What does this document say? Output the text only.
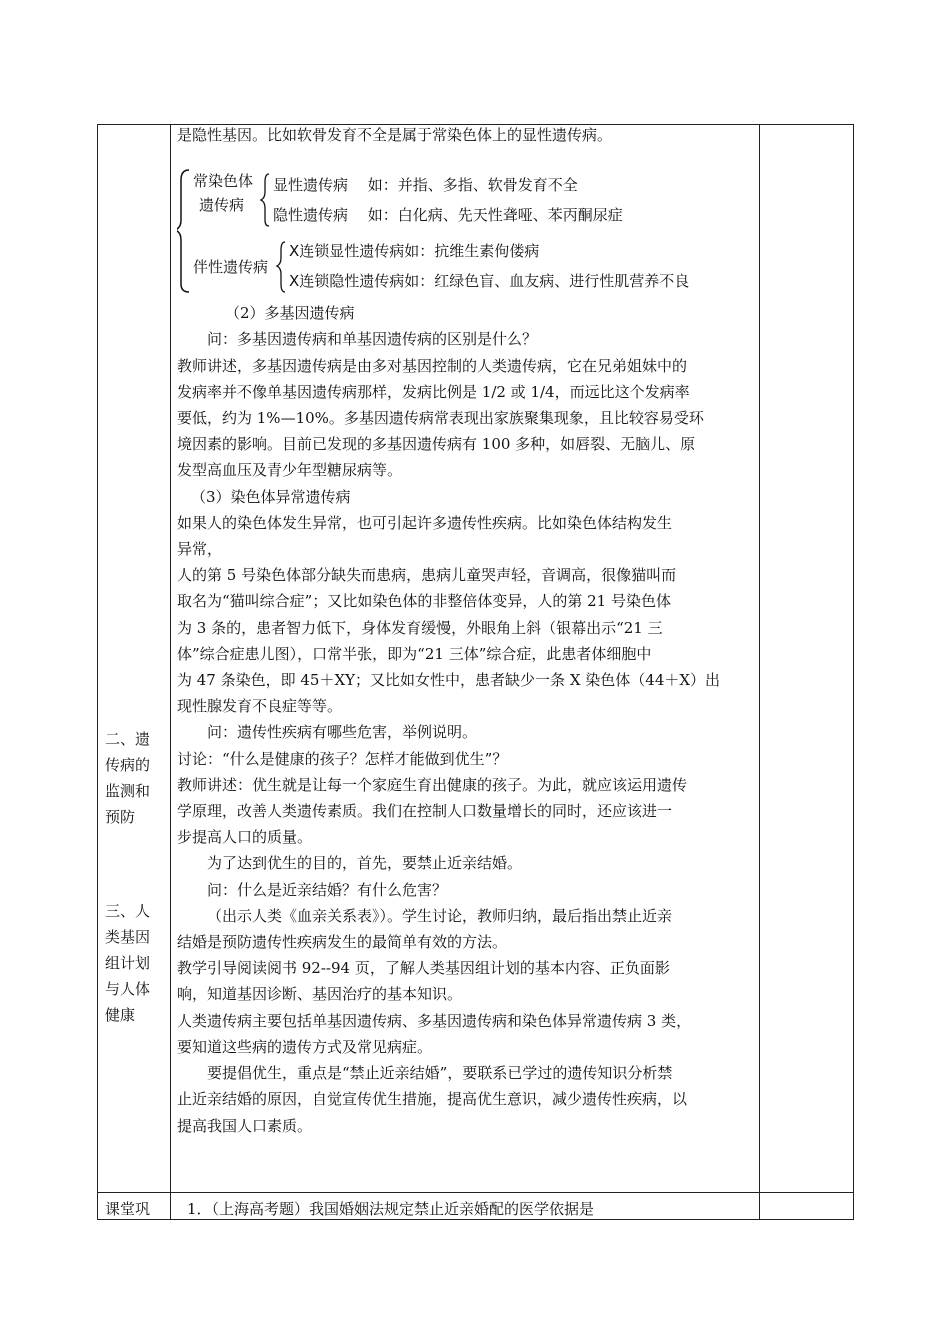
二、遗

传病的

监测和

预防

三、人

类基因

组计划

与人体

健康

是隐性基因。比如软骨发育不全是属于常染色体上的显性遗传病。

常染色体
遗传病
显性遗传病　 如：并指、多指、软骨发育不全
隐性遗传病　 如：白化病、先天性聋哑、苯丙酮尿症
伴性遗传病
X连锁显性遗传病如：抗维生素佝偻病
X连锁隐性遗传病如：红绿色盲、血友病、进行性肌营养不良

（2）多基因遗传病

问：多基因遗传病和单基因遗传病的区别是什么？

教师讲述，多基因遗传病是由多对基因控制的人类遗传病，它在兄弟姐妹中的

发病率并不像单基因遗传病那样，发病比例是 1/2 或 1/4，而远比这个发病率

要低，约为 1%—10%。多基因遗传病常表现出家族聚集现象，且比较容易受环

境因素的影响。目前已发现的多基因遗传病有 100 多种，如唇裂、无脑儿、原

发型高血压及青少年型糖尿病等。

（3）染色体异常遗传病

如果人的染色体发生异常，也可引起许多遗传性疾病。比如染色体结构发生

异常，

人的第 5 号染色体部分缺失而患病，患病儿童哭声轻，音调高，很像猫叫而

取名为“猫叫综合症”；又比如染色体的非整倍体变异，人的第 21 号染色体

为 3 条的，患者智力低下，身体发育缓慢，外眼角上斜（银幕出示“21 三

体”综合症患儿图），口常半张，即为“21 三体”综合症，此患者体细胞中

为 47 条染色，即 45＋XY；又比如女性中，患者缺少一条 X 染色体（44＋X）出

现性腺发育不良症等等。

问：遗传性疾病有哪些危害，举例说明。

讨论：“什么是健康的孩子？怎样才能做到优生”？

教师讲述：优生就是让每一个家庭生育出健康的孩子。为此，就应该运用遗传

学原理，改善人类遗传素质。我们在控制人口数量增长的同时，还应该进一

步提高人口的质量。

为了达到优生的目的，首先，要禁止近亲结婚。

问：什么是近亲结婚？有什么危害？

（出示人类《血亲关系表》）。学生讨论，教师归纳，最后指出禁止近亲

结婚是预防遗传性疾病发生的最简单有效的方法。

教学引导阅读阅书 92--94 页，了解人类基因组计划的基本内容、正负面影

响，知道基因诊断、基因治疗的基本知识。

人类遗传病主要包括单基因遗传病、多基因遗传病和染色体异常遗传病 3 类，

要知道这些病的遗传方式及常见病症。

要提倡优生，重点是“禁止近亲结婚”，要联系已学过的遗传知识分析禁

止近亲结婚的原因，自觉宣传优生措施，提高优生意识，减少遗传性疾病，以

提高我国人口素质。

课堂巩 1．（上海高考题）我国婚姻法规定禁止近亲婚配的医学依据是
